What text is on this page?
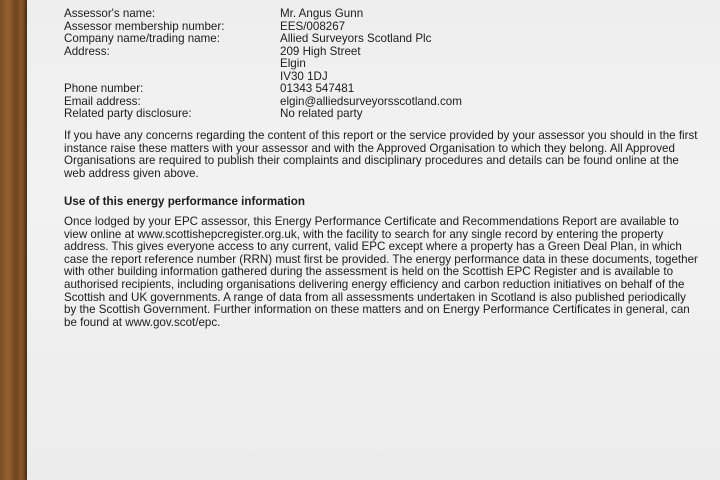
Assessor's name:	Mr. Angus Gunn
Assessor membership number:	EES/008267
Company name/trading name:	Allied Surveyors Scotland Plc
Address:	209 High Street
Elgin
IV30 1DJ
Phone number:	01343 547481
Email address:	elgin@alliedsurveyorsscotland.com
Related party disclosure:	No related party

If you have any concerns regarding the content of this report or the service provided by your assessor you should in the first instance raise these matters with your assessor and with the Approved Organisation to which they belong. All Approved Organisations are required to publish their complaints and disciplinary procedures and details can be found online at the web address given above.

Use of this energy performance information

Once lodged by your EPC assessor, this Energy Performance Certificate and Recommendations Report are available to view online at www.scottishepcregister.org.uk, with the facility to search for any single record by entering the property address. This gives everyone access to any current, valid EPC except where a property has a Green Deal Plan, in which case the report reference number (RRN) must first be provided. The energy performance data in these documents, together with other building information gathered during the assessment is held on the Scottish EPC Register and is available to authorised recipients, including organisations delivering energy efficiency and carbon reduction initiatives on behalf of the Scottish and UK governments. A range of data from all assessments undertaken in Scotland is also published periodically by the Scottish Government. Further information on these matters and on Energy Performance Certificates in general, can be found at www.gov.scot/epc.
